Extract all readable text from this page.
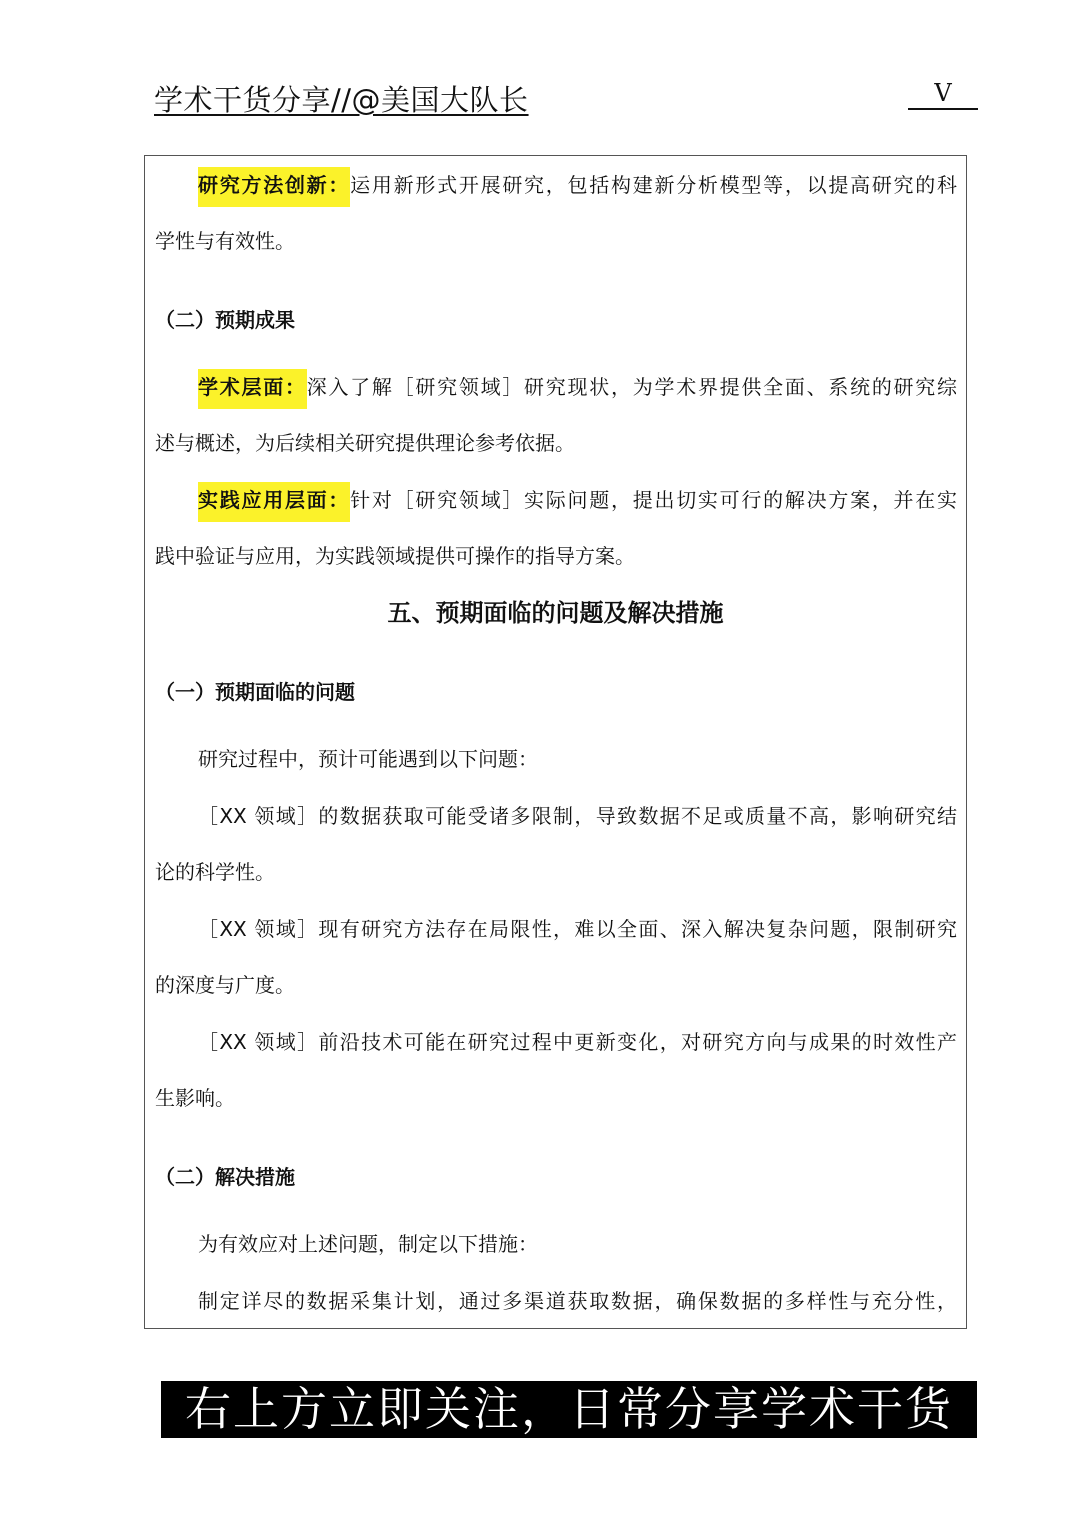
学术干货分享//@美国大队长	V
研究方法创新：运用新形式开展研究，包括构建新分析模型等，以提高研究的科
学性与有效性。
（二）预期成果
学术层面：深入了解［研究领域］研究现状，为学术界提供全面、系统的研究综
述与概述，为后续相关研究提供理论参考依据。
实践应用层面：针对［研究领域］实际问题，提出切实可行的解决方案，并在实
践中验证与应用，为实践领域提供可操作的指导方案。
五、预期面临的问题及解决措施
（一）预期面临的问题
研究过程中，预计可能遇到以下问题：
［XX 领域］的数据获取可能受诸多限制，导致数据不足或质量不高，影响研究结
论的科学性。
［XX 领域］现有研究方法存在局限性，难以全面、深入解决复杂问题，限制研究
的深度与广度。
［XX 领域］前沿技术可能在研究过程中更新变化，对研究方向与成果的时效性产
生影响。
（二）解决措施
为有效应对上述问题，制定以下措施：
制定详尽的数据采集计划，通过多渠道获取数据，确保数据的多样性与充分性，
右上方立即关注，日常分享学术干货
